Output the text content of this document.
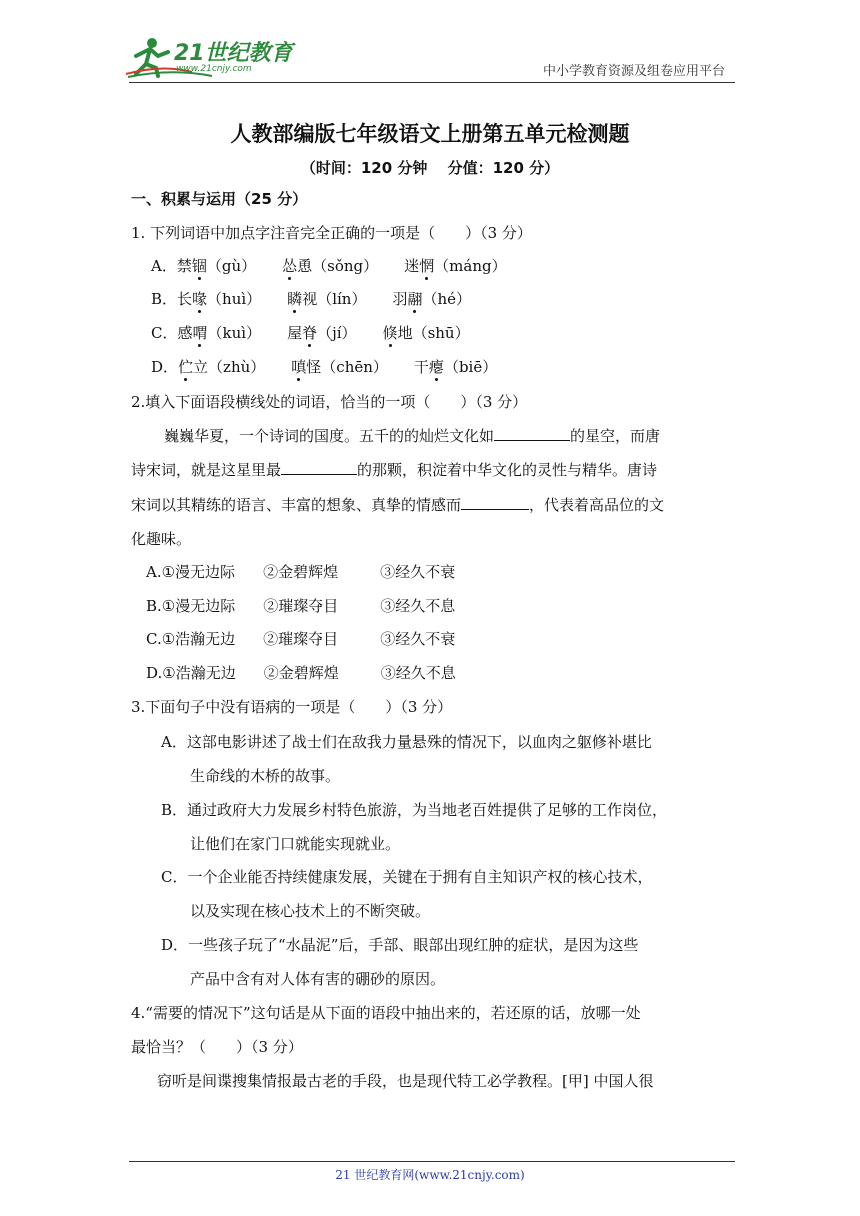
21世纪教育
www.21cnjy.com	中小学教育资源及组卷应用平台
人教部编版七年级语文上册第五单元检测题
（时间：120 分钟　 分值：120 分）
一、积累与运用（25 分）
1. 下列词语中加点字注音完全正确的一项是（　　）（3 分）
A．禁锢（gù） 怂恿（sǒng） 迷惘（máng）
B．长喙（huì） 瞵视（lín） 羽翮（hé）
C．感喟（kuì） 屋脊（jí） 倏地（shū）
D．伫立（zhù） 嗔怪（chēn） 干瘪（biē）
2.填入下面语段横线处的词语，恰当的一项（　　）（3 分）
巍巍华夏，一个诗词的国度。五千的的灿烂文化如	的星空，而唐
诗宋词，就是这星里最	的那颗，积淀着中华文化的灵性与精华。唐诗
宋词以其精练的语言、丰富的想象、真挚的情感而	，代表着高品位的文
化趣味。
A.①漫无边际 ②金碧辉煌	③经久不衰
B.①漫无边际 ②璀璨夺目	③经久不息
C.①浩瀚无边 ②璀璨夺目	③经久不衰
D.①浩瀚无边 ②金碧辉煌	③经久不息
3.下面句子中没有语病的一项是（　　）（3 分）
A．这部电影讲述了战士们在敌我力量悬殊的情况下，以血肉之躯修补堪比
生命线的木桥的故事。
B．通过政府大力发展乡村特色旅游，为当地老百姓提供了足够的工作岗位，
让他们在家门口就能实现就业。
C．一个企业能否持续健康发展，关键在于拥有自主知识产权的核心技术，
以及实现在核心技术上的不断突破。
D．一些孩子玩了“水晶泥”后，手部、眼部出现红肿的症状，是因为这些
产品中含有对人体有害的硼砂的原因。
4.“需要的情况下”这句话是从下面的语段中抽出来的，若还原的话，放哪一处
最恰当？（　　）（3 分）
窃听是间谍搜集情报最古老的手段，也是现代特工必学教程。[甲] 中国人很
21 世纪教育网(www.21cnjy.com)
